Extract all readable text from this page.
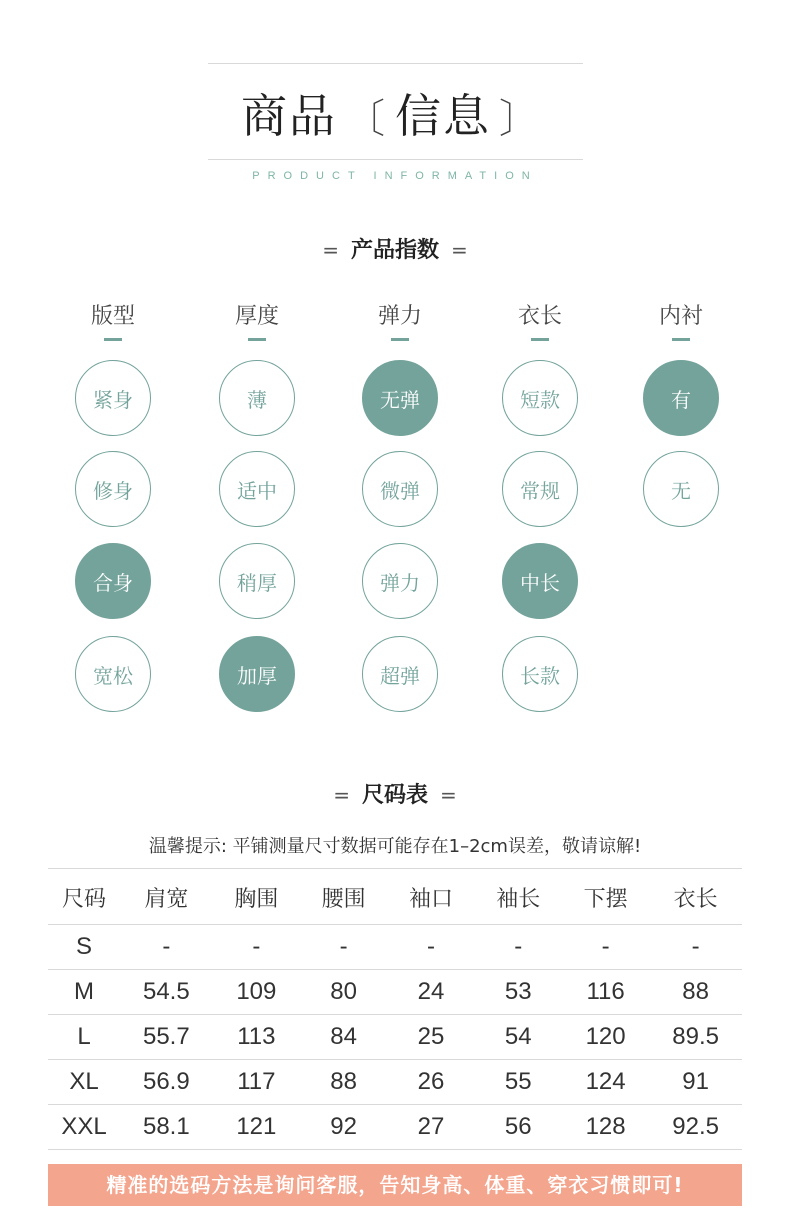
商品 〔 信息 〕
PRODUCT INFORMATION
= 产品指数 =
版型
紧身
修身
合身
宽松
厚度
薄
适中
稍厚
加厚
弹力
无弹
微弹
弹力
超弹
衣长
短款
常规
中长
长款
内衬
有
无
= 尺码表 =
温馨提示: 平铺测量尺寸数据可能存在1–2cm误差，敬请谅解!
尺码	肩宽	胸围	腰围	袖口	袖长	下摆	衣长
S	-	-	-	-	-	-	-
M	54.5	109	80	24	53	116	88
L	55.7	113	84	25	54	120	89.5
XL	56.9	117	88	26	55	124	91
XXL	58.1	121	92	27	56	128	92.5
精准的选码方法是询问客服，告知身高、体重、穿衣习惯即可!
